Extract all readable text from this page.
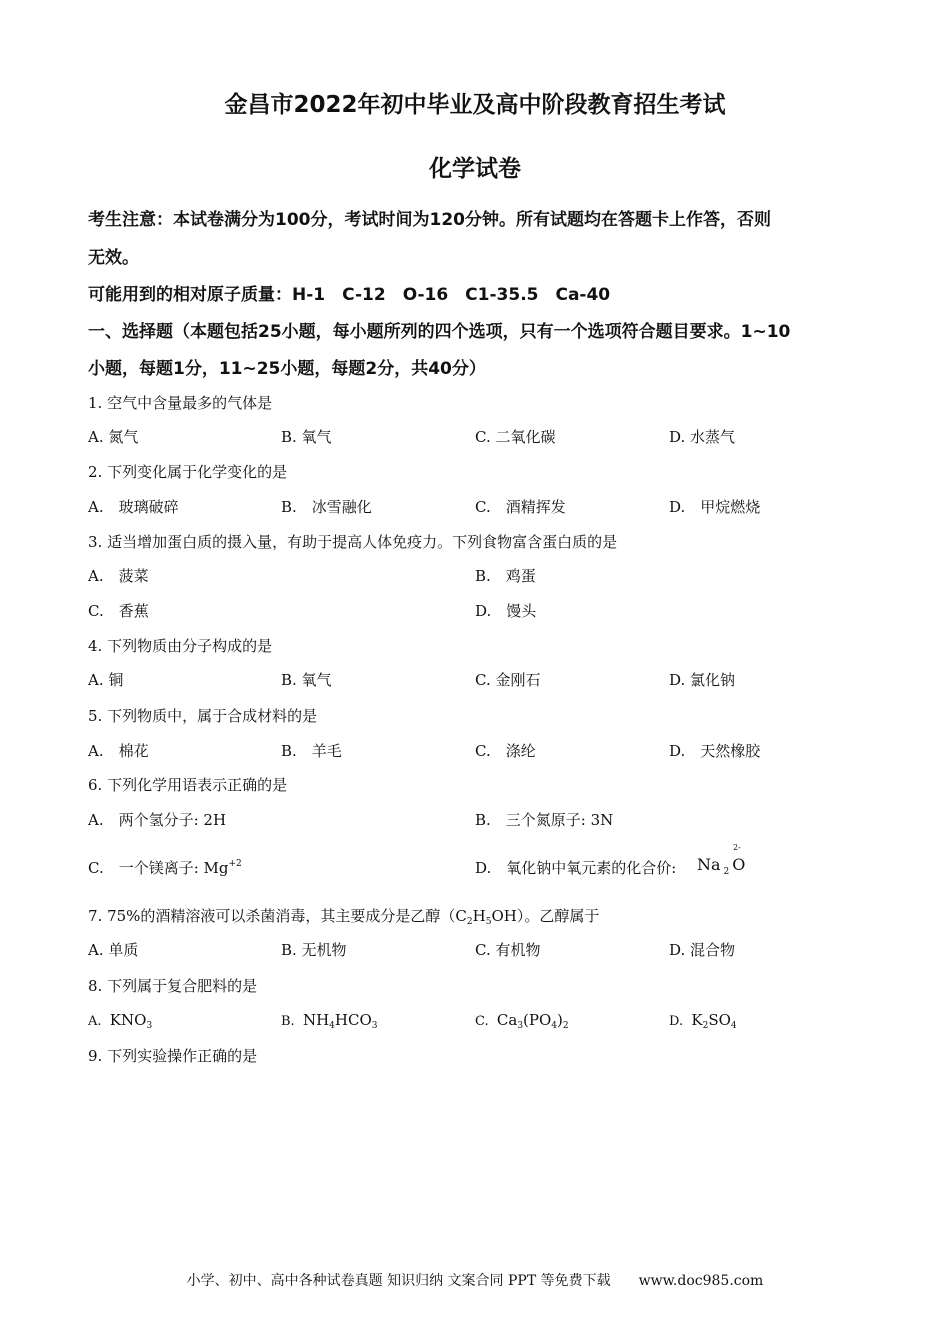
金昌市2022年初中毕业及高中阶段教育招生考试
化学试卷
考生注意：本试卷满分为100分，考试时间为120分钟。所有试题均在答题卡上作答，否则
无效。
可能用到的相对原子质量：H-1　C-12　O-16　C1-35.5　Ca-40
一、选择题（本题包括25小题，每小题所列的四个选项，只有一个选项符合题目要求。1~10
小题，每题1分，11~25小题，每题2分，共40分）
1. 空气中含量最多的气体是
A. 氮气	B. 氧气	C. 二氧化碳	D. 水蒸气
2. 下列变化属于化学变化的是
A.　玻璃破碎	B.　冰雪融化	C.　酒精挥发	D.　甲烷燃烧
3. 适当增加蛋白质的摄入量，有助于提高人体免疫力。下列食物富含蛋白质的是
A.　菠菜	B.　鸡蛋
C.　香蕉	D.　馒头
4. 下列物质由分子构成的是
A. 铜	B. 氧气	C. 金刚石	D. 氯化钠
5. 下列物质中，属于合成材料的是
A.　棉花	B.　羊毛	C.　涤纶	D.　天然橡胶
6. 下列化学用语表示正确的是
A.　两个氢分子: 2H	B.　三个氮原子: 3N
C.　一个镁离子: $Mg^{+2}$	D.　氧化钠中氧元素的化合价: Na $_2$ O
2-
7. 75%的酒精溶液可以杀菌消毒，其主要成分是乙醇$(C_2H_5OH)$。乙醇属于
A. 单质	B. 无机物	C. 有机物	D. 混合物
8. 下列属于复合肥料的是
A. $KNO_3$	B. $NH_4HCO_3$	C. $Ca_3(PO_4)_2$	D. $K_2SO_4$
9. 下列实验操作正确的是
小学、初中、高中各种试卷真题 知识归纳 文案合同 PPT 等免费下载　　www.doc985.com
